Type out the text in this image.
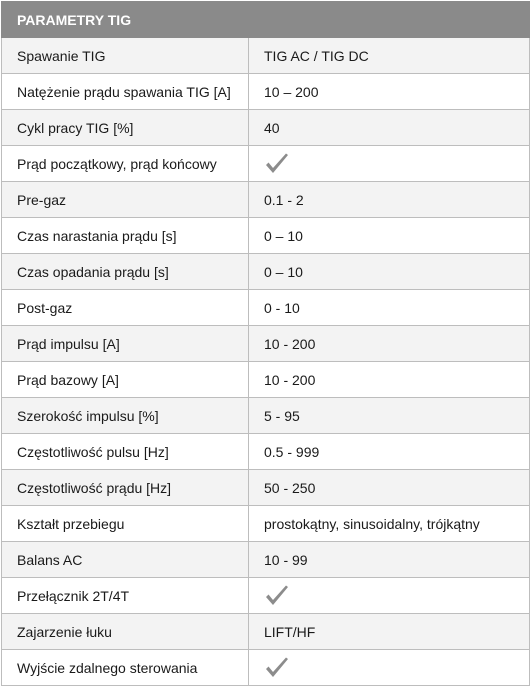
PARAMETRY TIG	
Spawanie TIG	TIG AC / TIG DC
Natężenie prądu spawania TIG [A]	10 – 200
Cykl pracy TIG [%]	40
Prąd początkowy, prąd końcowy	
Pre-gaz	0.1 - 2
Czas narastania prądu [s]	0 – 10
Czas opadania prądu [s]	0 – 10
Post-gaz	0 - 10
Prąd impulsu [A]	10 - 200
Prąd bazowy [A]	10 - 200
Szerokość impulsu [%]	5 - 95
Częstotliwość pulsu [Hz]	0.5 - 999
Częstotliwość prądu [Hz]	50 - 250
Kształt przebiegu	prostokątny, sinusoidalny, trójkątny
Balans AC	10 - 99
Przełącznik 2T/4T	
Zajarzenie łuku	LIFT/HF
Wyjście zdalnego sterowania	
